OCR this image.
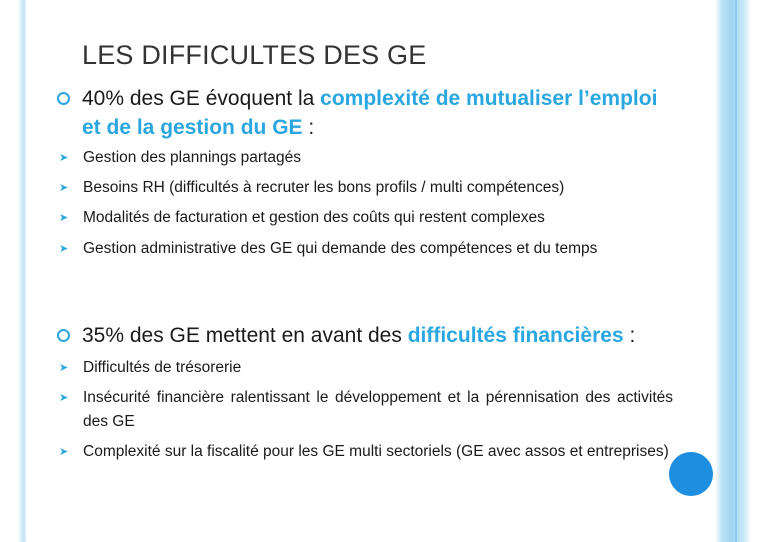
LES DIFFICULTES DES GE
40% des GE évoquent la complexité de mutualiser l’emploi et de la gestion du GE :
➤ Gestion des plannings partagés
➤ Besoins RH (difficultés à recruter les bons profils / multi compétences)
➤ Modalités de facturation et gestion des coûts qui restent complexes
➤ Gestion administrative des GE qui demande des compétences et du temps
35% des GE mettent en avant des difficultés financières :
➤ Difficultés de trésorerie
➤ Insécurité financière ralentissant le développement et la pérennisation des activités des GE
➤ Complexité sur la fiscalité pour les GE multi sectoriels (GE avec assos et entreprises)
